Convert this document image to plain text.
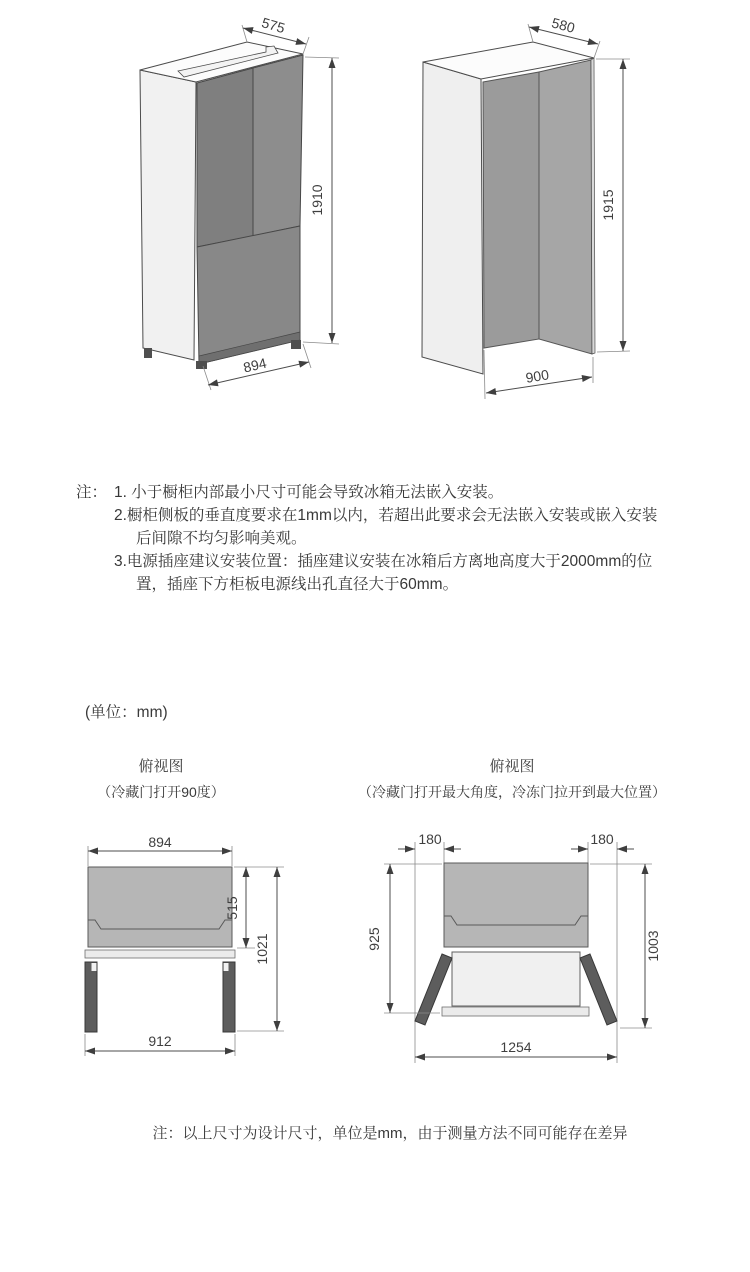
575
1910
894
580
1915
900
注： 1. 小于橱柜内部最小尺寸可能会导致冰箱无法嵌入安装。
2.橱柜侧板的垂直度要求在1mm以内，若超出此要求会无法嵌入安装或嵌入安装
后间隙不均匀影响美观。
3.电源插座建议安装位置：插座建议安装在冰箱后方离地高度大于2000mm的位
置，插座下方柜板电源线出孔直径大于60mm。
(单位：mm)
俯视图
（冷藏门打开90度）
俯视图
（冷藏门打开最大角度，冷冻门拉开到最大位置）
894
912
515
1021
180	180
925	1003
1254
注：以上尺寸为设计尺寸，单位是mm，由于测量方法不同可能存在差异
